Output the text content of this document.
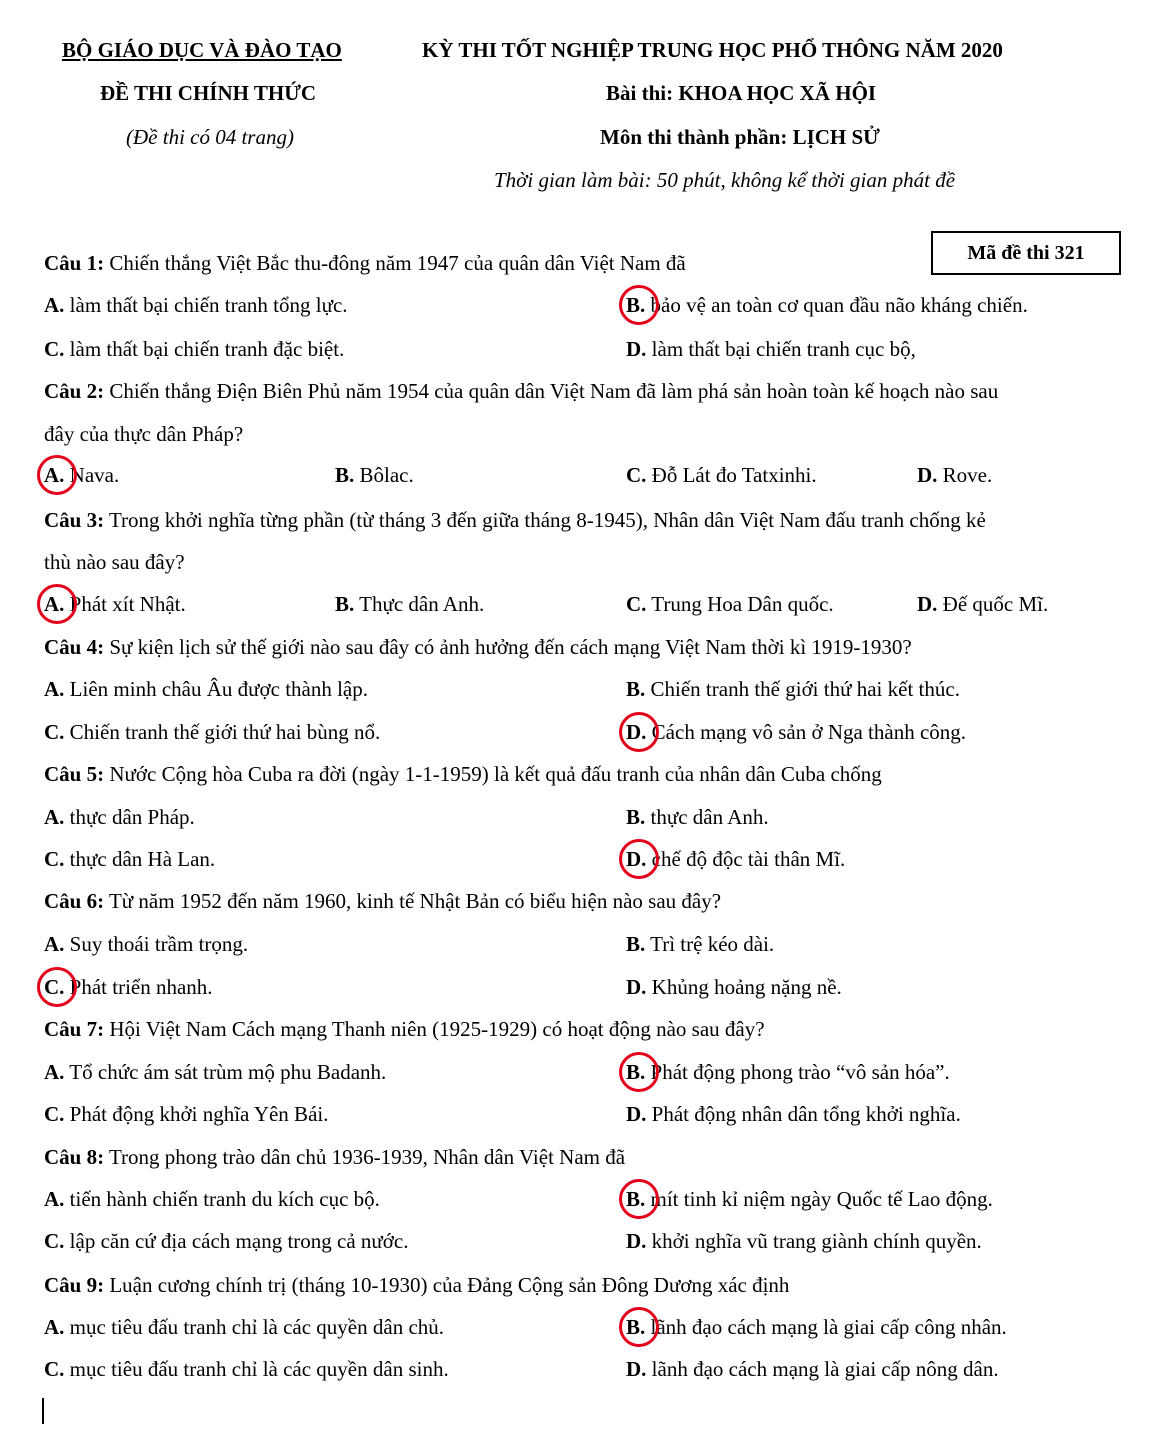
BỘ GIÁO DỤC VÀ ĐÀO TẠO	KỲ THI TỐT NGHIỆP TRUNG HỌC PHỔ THÔNG NĂM 2020
ĐỀ THI CHÍNH THỨC	Bài thi: KHOA HỌC XÃ HỘI
(Đề thi có 04 trang)	Môn thi thành phần: LỊCH SỬ
Thời gian làm bài: 50 phút, không kể thời gian phát đề
Mã đề thi 321
Câu 1: Chiến thắng Việt Bắc thu-đông năm 1947 của quân dân Việt Nam đã
A. làm thất bại chiến tranh tổng lực.	B. bảo vệ an toàn cơ quan đầu não kháng chiến.
C. làm thất bại chiến tranh đặc biệt.	D. làm thất bại chiến tranh cục bộ,
Câu 2: Chiến thắng Điện Biên Phủ năm 1954 của quân dân Việt Nam đã làm phá sản hoàn toàn kế hoạch nào sau
đây của thực dân Pháp?
A. Nava.	B. Bôlac.	C. Đỗ Lát đo Tatxinhi.	D. Rove.
Câu 3: Trong khởi nghĩa từng phần (từ tháng 3 đến giữa tháng 8-1945), Nhân dân Việt Nam đấu tranh chống kẻ
thù nào sau đây?
A. Phát xít Nhật.	B. Thực dân Anh.	C. Trung Hoa Dân quốc.	D. Đế quốc Mĩ.
Câu 4: Sự kiện lịch sử thế giới nào sau đây có ảnh hưởng đến cách mạng Việt Nam thời kì 1919-1930?
A. Liên minh châu Âu được thành lập.	B. Chiến tranh thế giới thứ hai kết thúc.
C. Chiến tranh thế giới thứ hai bùng nổ.	D. Cách mạng vô sản ở Nga thành công.
Câu 5: Nước Cộng hòa Cuba ra đời (ngày 1-1-1959) là kết quả đấu tranh của nhân dân Cuba chống
A. thực dân Pháp.	B. thực dân Anh.
C. thực dân Hà Lan.	D. chế độ độc tài thân Mĩ.
Câu 6: Từ năm 1952 đến năm 1960, kinh tế Nhật Bản có biểu hiện nào sau đây?
A. Suy thoái trầm trọng.	B. Trì trệ kéo dài.
C. Phát triển nhanh.	D. Khủng hoảng nặng nề.
Câu 7: Hội Việt Nam Cách mạng Thanh niên (1925-1929) có hoạt động nào sau đây?
A. Tổ chức ám sát trùm mộ phu Badanh.	B. Phát động phong trào “vô sản hóa”.
C. Phát động khởi nghĩa Yên Bái.	D. Phát động nhân dân tổng khởi nghĩa.
Câu 8: Trong phong trào dân chủ 1936-1939, Nhân dân Việt Nam đã
A. tiến hành chiến tranh du kích cục bộ.	B. mít tinh kỉ niệm ngày Quốc tế Lao động.
C. lập căn cứ địa cách mạng trong cả nước.	D. khởi nghĩa vũ trang giành chính quyền.
Câu 9: Luận cương chính trị (tháng 10-1930) của Đảng Cộng sản Đông Dương xác định
A. mục tiêu đấu tranh chỉ là các quyền dân chủ.	B. lãnh đạo cách mạng là giai cấp công nhân.
C. mục tiêu đấu tranh chỉ là các quyền dân sinh.	D. lãnh đạo cách mạng là giai cấp nông dân.
